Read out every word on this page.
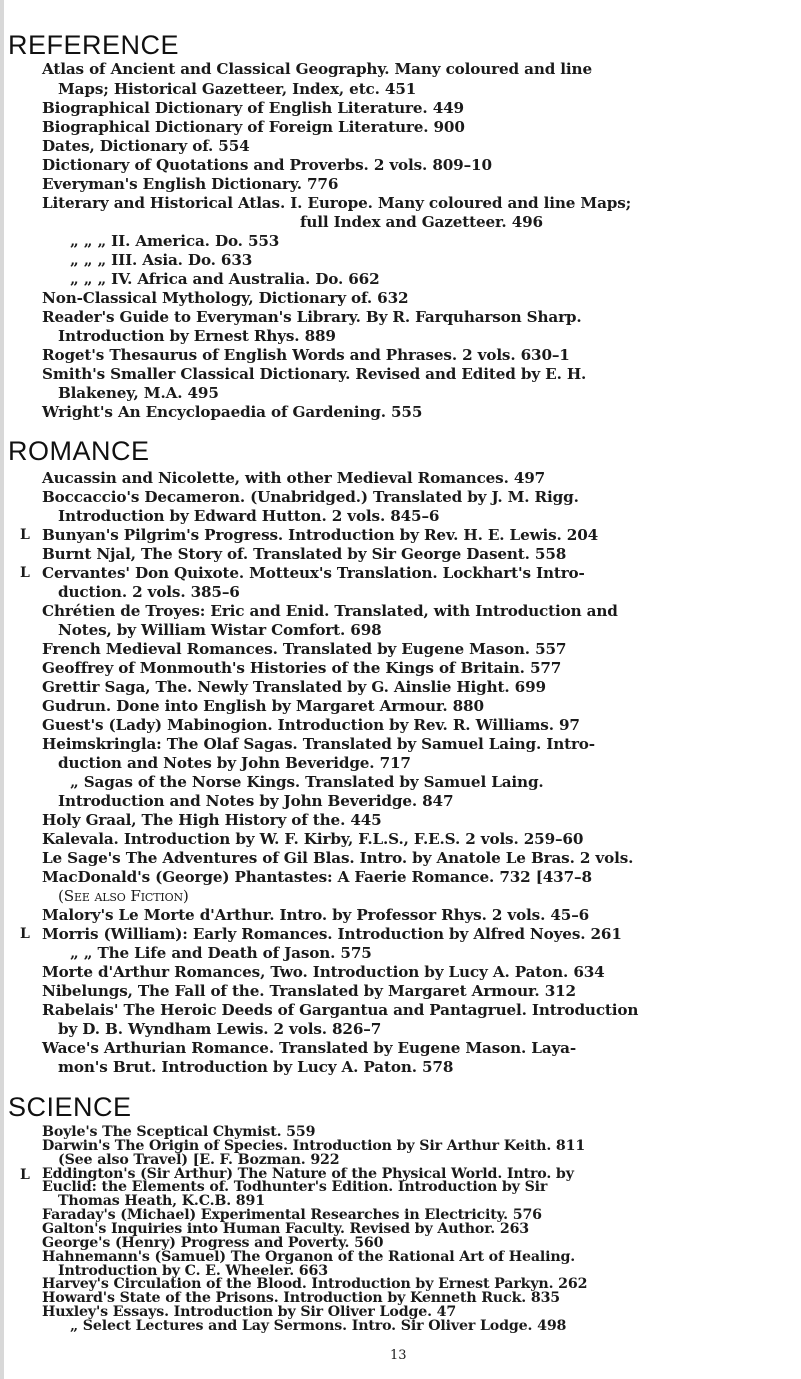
REFERENCE
Atlas of Ancient and Classical Geography. Many coloured and line
Maps; Historical Gazetteer, Index, etc. 451
Biographical Dictionary of English Literature. 449
Biographical Dictionary of Foreign Literature. 900
Dates, Dictionary of. 554
Dictionary of Quotations and Proverbs. 2 vols. 809–10
Everyman's English Dictionary. 776
Literary and Historical Atlas. I. Europe. Many coloured and line Maps;
full Index and Gazetteer. 496
„ „ „ II. America. Do. 553
„ „ „ III. Asia. Do. 633
„ „ „ IV. Africa and Australia. Do. 662
Non-Classical Mythology, Dictionary of. 632
Reader's Guide to Everyman's Library. By R. Farquharson Sharp.
Introduction by Ernest Rhys. 889
Roget's Thesaurus of English Words and Phrases. 2 vols. 630–1
Smith's Smaller Classical Dictionary. Revised and Edited by E. H.
Blakeney, M.A. 495
Wright's An Encyclopaedia of Gardening. 555
ROMANCE
Aucassin and Nicolette, with other Medieval Romances. 497
Boccaccio's Decameron. (Unabridged.) Translated by J. M. Rigg.
Introduction by Edward Hutton. 2 vols. 845–6
L Bunyan's Pilgrim's Progress. Introduction by Rev. H. E. Lewis. 204
Burnt Njal, The Story of. Translated by Sir George Dasent. 558
L Cervantes' Don Quixote. Motteux's Translation. Lockhart's Intro-
duction. 2 vols. 385–6
Chrétien de Troyes: Eric and Enid. Translated, with Introduction and
Notes, by William Wistar Comfort. 698
French Medieval Romances. Translated by Eugene Mason. 557
Geoffrey of Monmouth's Histories of the Kings of Britain. 577
Grettir Saga, The. Newly Translated by G. Ainslie Hight. 699
Gudrun. Done into English by Margaret Armour. 880
Guest's (Lady) Mabinogion. Introduction by Rev. R. Williams. 97
Heimskringla: The Olaf Sagas. Translated by Samuel Laing. Intro-
duction and Notes by John Beveridge. 717
„ Sagas of the Norse Kings. Translated by Samuel Laing.
Introduction and Notes by John Beveridge. 847
Holy Graal, The High History of the. 445
Kalevala. Introduction by W. F. Kirby, F.L.S., F.E.S. 2 vols. 259–60
Le Sage's The Adventures of Gil Blas. Intro. by Anatole Le Bras. 2 vols.
MacDonald's (George) Phantastes: A Faerie Romance. 732 [437–8
(See also Fiction)
Malory's Le Morte d'Arthur. Intro. by Professor Rhys. 2 vols. 45–6
L Morris (William): Early Romances. Introduction by Alfred Noyes. 261
„ „ The Life and Death of Jason. 575
Morte d'Arthur Romances, Two. Introduction by Lucy A. Paton. 634
Nibelungs, The Fall of the. Translated by Margaret Armour. 312
Rabelais' The Heroic Deeds of Gargantua and Pantagruel. Introduction
by D. B. Wyndham Lewis. 2 vols. 826–7
Wace's Arthurian Romance. Translated by Eugene Mason. Laya-
mon's Brut. Introduction by Lucy A. Paton. 578
SCIENCE
Boyle's The Sceptical Chymist. 559
Darwin's The Origin of Species. Introduction by Sir Arthur Keith. 811
(See also Travel) [E. F. Bozman. 922
L Eddington's (Sir Arthur) The Nature of the Physical World. Intro. by
Euclid: the Elements of. Todhunter's Edition. Introduction by Sir
Thomas Heath, K.C.B. 891
Faraday's (Michael) Experimental Researches in Electricity. 576
Galton's Inquiries into Human Faculty. Revised by Author. 263
George's (Henry) Progress and Poverty. 560
Hahnemann's (Samuel) The Organon of the Rational Art of Healing.
Introduction by C. E. Wheeler. 663
Harvey's Circulation of the Blood. Introduction by Ernest Parkyn. 262
Howard's State of the Prisons. Introduction by Kenneth Ruck. 835
Huxley's Essays. Introduction by Sir Oliver Lodge. 47
„ Select Lectures and Lay Sermons. Intro. Sir Oliver Lodge. 498
13
